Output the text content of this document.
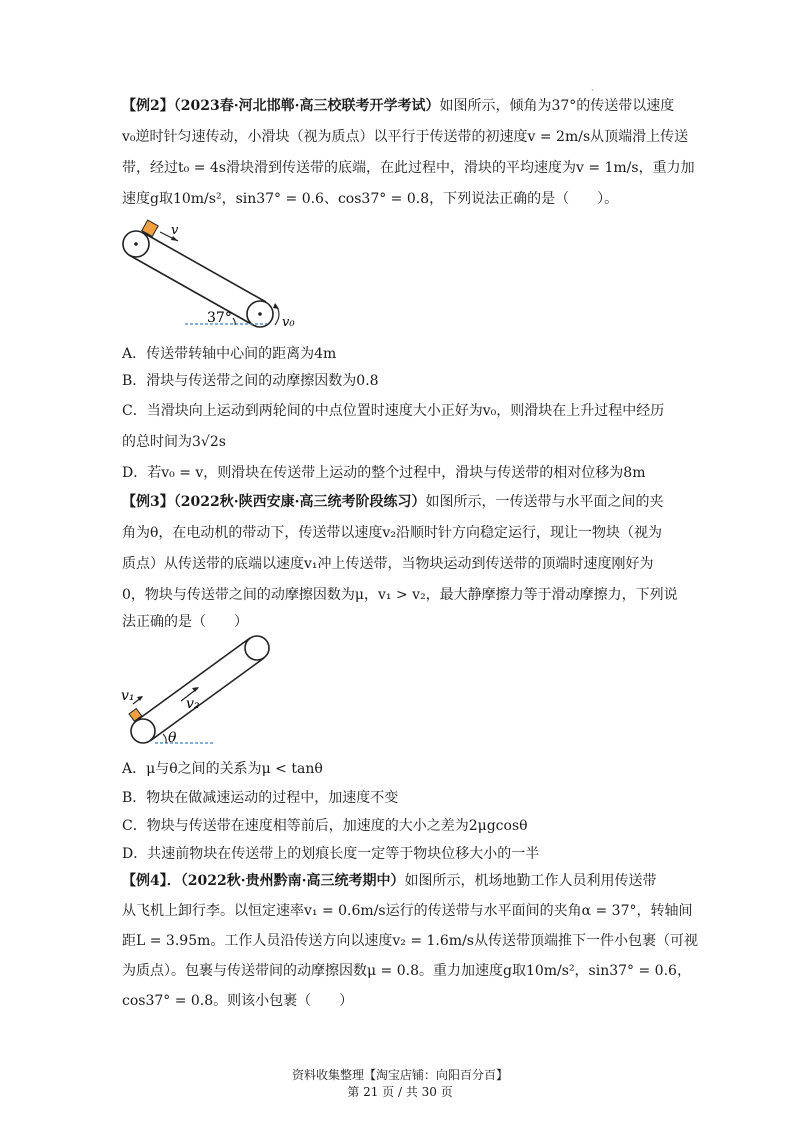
·
【例2】（2023春·河北邯郸·高三校联考开学考试）如图所示，倾角为37°的传送带以速度
v₀逆时针匀速传动，小滑块（视为质点）以平行于传送带的初速度v = 2m/s从顶端滑上传送
带，经过t₀ = 4s滑块滑到传送带的底端，在此过程中，滑块的平均速度为v = 1m/s，重力加
速度g取10m/s²，sin37° = 0.6、cos37° = 0.8，下列说法正确的是（　　）。
v
37°	v₀
A．传送带转轴中心间的距离为4m
B．滑块与传送带之间的动摩擦因数为0.8
C．当滑块向上运动到两轮间的中点位置时速度大小正好为v₀，则滑块在上升过程中经历
的总时间为3√2s
D．若v₀ = v，则滑块在传送带上运动的整个过程中，滑块与传送带的相对位移为8m
【例3】（2022秋·陕西安康·高三统考阶段练习）如图所示，一传送带与水平面之间的夹
角为θ，在电动机的带动下，传送带以速度v₂沿顺时针方向稳定运行，现让一物块（视为
质点）从传送带的底端以速度v₁冲上传送带，当物块运动到传送带的顶端时速度刚好为
0，物块与传送带之间的动摩擦因数为μ，v₁ > v₂，最大静摩擦力等于滑动摩擦力，下列说
法正确的是（　　）
v₁	v₂
θ
A．μ与θ之间的关系为μ < tanθ
B．物块在做减速运动的过程中，加速度不变
C．物块与传送带在速度相等前后，加速度的大小之差为2μgcosθ
D．共速前物块在传送带上的划痕长度一定等于物块位移大小的一半
【例4】．（2022秋·贵州黔南·高三统考期中）如图所示，机场地勤工作人员利用传送带
从飞机上卸行李。以恒定速率v₁ = 0.6m/s运行的传送带与水平面间的夹角α = 37°，转轴间
距L = 3.95m。工作人员沿传送方向以速度v₂ = 1.6m/s从传送带顶端推下一件小包裹（可视
为质点）。包裹与传送带间的动摩擦因数μ = 0.8。重力加速度g取10m/s²，sin37° = 0.6，
cos37° = 0.8。则该小包裹（　　）
资料收集整理【淘宝店铺：向阳百分百】
第 21 页 / 共 30 页
